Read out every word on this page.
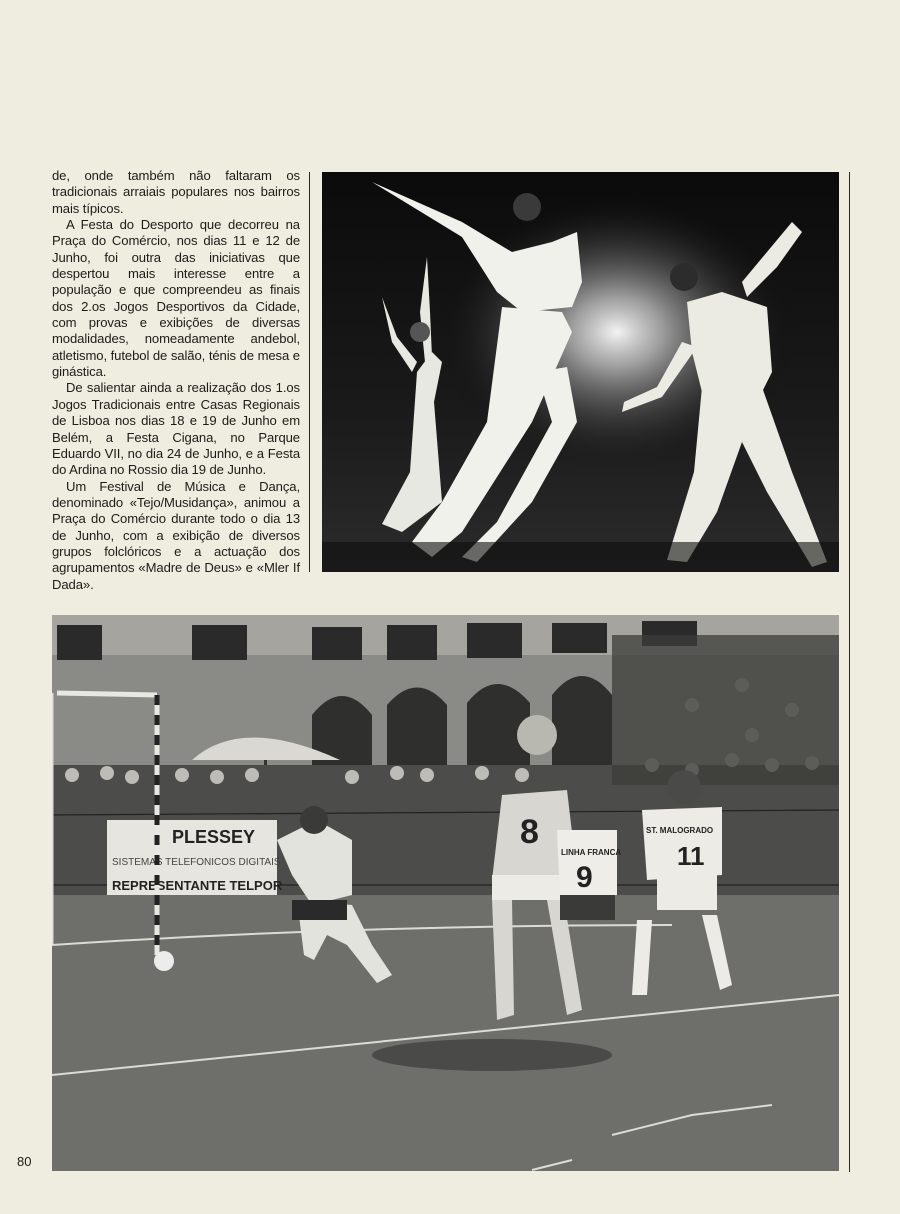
de, onde também não faltaram os tradicionais arraiais populares nos bairros mais típicos.

A Festa do Desporto que decorreu na Praça do Comércio, nos dias 11 e 12 de Junho, foi outra das iniciativas que despertou mais interesse entre a população e que compreendeu as finais dos 2.os Jogos Desportivos da Cidade, com provas e exibições de diversas modalidades, nomeadamente andebol, atletismo, futebol de salão, ténis de mesa e ginástica.

De salientar ainda a realização dos 1.os Jogos Tradicionais entre Casas Regionais de Lisboa nos dias 18 e 19 de Junho em Belém, a Festa Cigana, no Parque Eduardo VII, no dia 24 de Junho, e a Festa do Ardina no Rossio dia 19 de Junho.

Um Festival de Música e Dança, denominado «Tejo/Musidança», animou a Praça do Comércio durante todo o dia 13 de Junho, com a exibição de diversos grupos folclóricos e a actuação dos agrupamentos «Madre de Deus» e «Mler If Dada».

PLESSEY
SISTEMAS TELEFONICOS DIGITAIS
REPRESENTANTE TELPOR
8
LINHA FRANCA
9
ST. MALOGRADO
11
80
